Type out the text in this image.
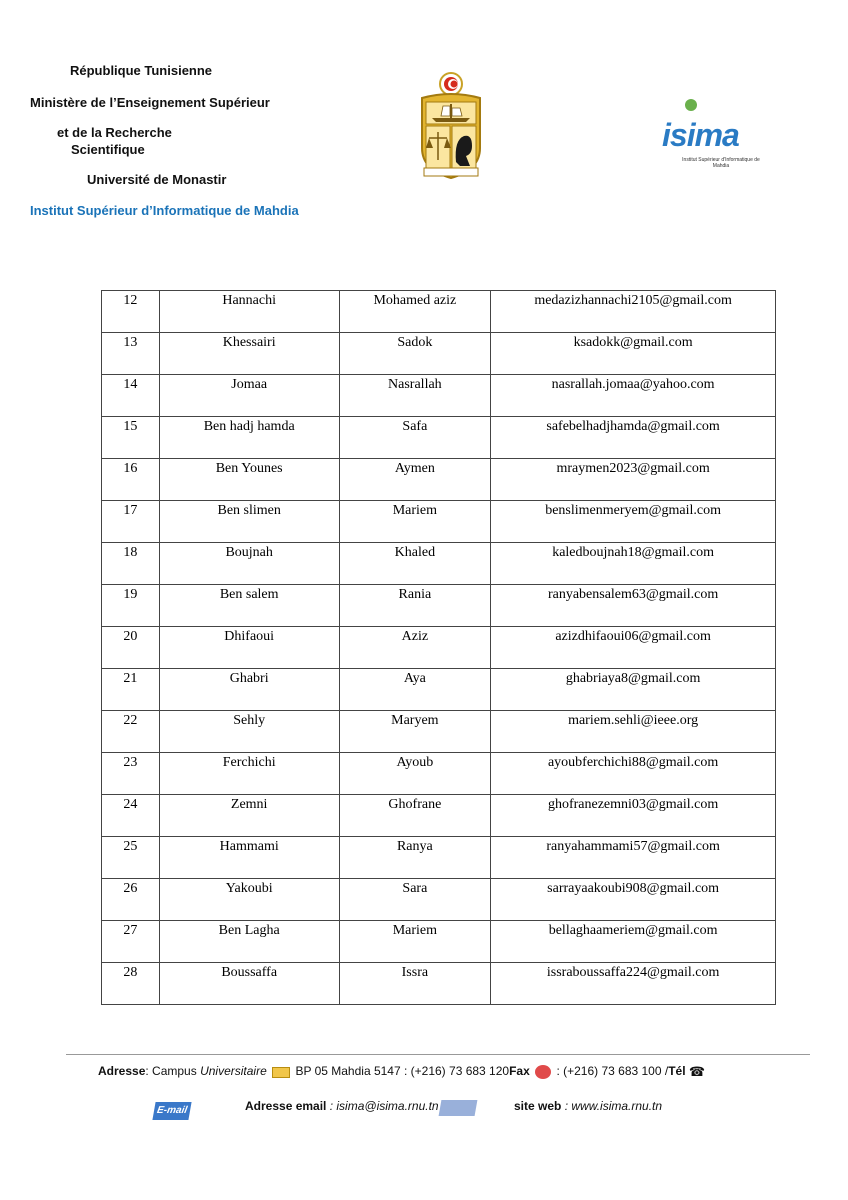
République Tunisienne
Ministère de l’Enseignement Supérieur
et de la Recherche
Scientifique
Université de Monastir
Institut Supérieur d’Informatique de Mahdia
isima
Institut Supérieur d'Informatique de Mahdia
12	Hannachi	Mohamed aziz	medazizhannachi2105@gmail.com
13	Khessairi	Sadok	ksadokk@gmail.com
14	Jomaa	Nasrallah	nasrallah.jomaa@yahoo.com
15	Ben hadj hamda	Safa	safebelhadjhamda@gmail.com
16	Ben Younes	Aymen	mraymen2023@gmail.com
17	Ben slimen	Mariem	benslimenmeryem@gmail.com
18	Boujnah	Khaled	kaledboujnah18@gmail.com
19	Ben salem	Rania	ranyabensalem63@gmail.com
20	Dhifaoui	Aziz	azizdhifaoui06@gmail.com
21	Ghabri	Aya	ghabriaya8@gmail.com
22	Sehly	Maryem	mariem.sehli@ieee.org
23	Ferchichi	Ayoub	ayoubferchichi88@gmail.com
24	Zemni	Ghofrane	ghofranezemni03@gmail.com
25	Hammami	Ranya	ranyahammami57@gmail.com
26	Yakoubi	Sara	sarrayaakoubi908@gmail.com
27	Ben Lagha	Mariem	bellaghaameriem@gmail.com
28	Boussaffa	Issra	issraboussaffa224@gmail.com
Adresse: Campus Universitaire BP 05 Mahdia 5147 : (+216) 73 683 120Fax  : (+216) 73 683 100 /Tél ☎
E-mail	Adresse email : isima@isima.rnu.tn	site web : www.isima.rnu.tn
